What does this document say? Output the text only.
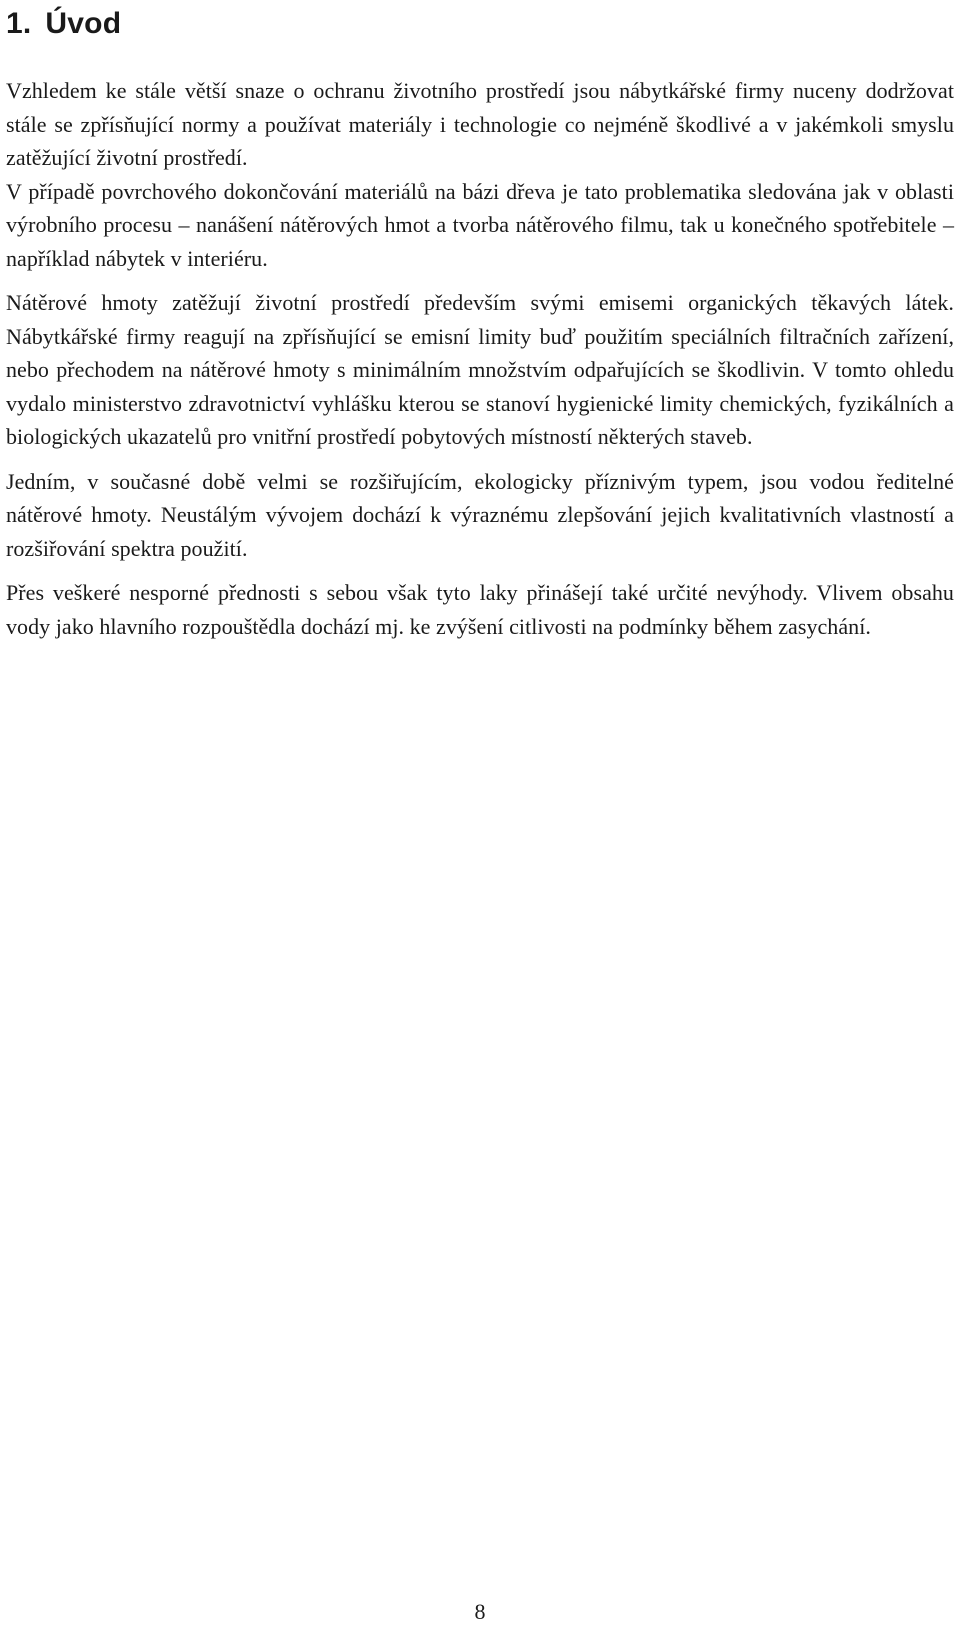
1. Úvod

Vzhledem ke stále větší snaze o ochranu životního prostředí jsou nábytkářské firmy nuceny dodržovat stále se zpřísňující normy a používat materiály i technologie co nejméně škodlivé a v jakémkoli smyslu zatěžující životní prostředí.

V případě povrchového dokončování materiálů na bázi dřeva je tato problematika sledována jak v oblasti výrobního procesu – nanášení nátěrových hmot a tvorba nátěrového filmu, tak u konečného spotřebitele – například nábytek v interiéru.

Nátěrové hmoty zatěžují životní prostředí především svými emisemi organických těkavých látek. Nábytkářské firmy reagují na zpřísňující se emisní limity buď použitím speciálních filtračních zařízení, nebo přechodem na nátěrové hmoty s minimálním množstvím odpařujících se škodlivin. V tomto ohledu vydalo ministerstvo zdravotnictví vyhlášku kterou se stanoví hygienické limity chemických, fyzikálních a biologických ukazatelů pro vnitřní prostředí pobytových místností některých staveb.

Jedním, v současné době velmi se rozšiřujícím, ekologicky příznivým typem, jsou vodou ředitelné nátěrové hmoty. Neustálým vývojem dochází k výraznému zlepšování jejich kvalitativních vlastností a rozšiřování spektra použití.

Přes veškeré nesporné přednosti s sebou však tyto laky přinášejí také určité nevýhody. Vlivem obsahu vody jako hlavního rozpouštědla dochází mj. ke zvýšení citlivosti na podmínky během zasychání.

8
